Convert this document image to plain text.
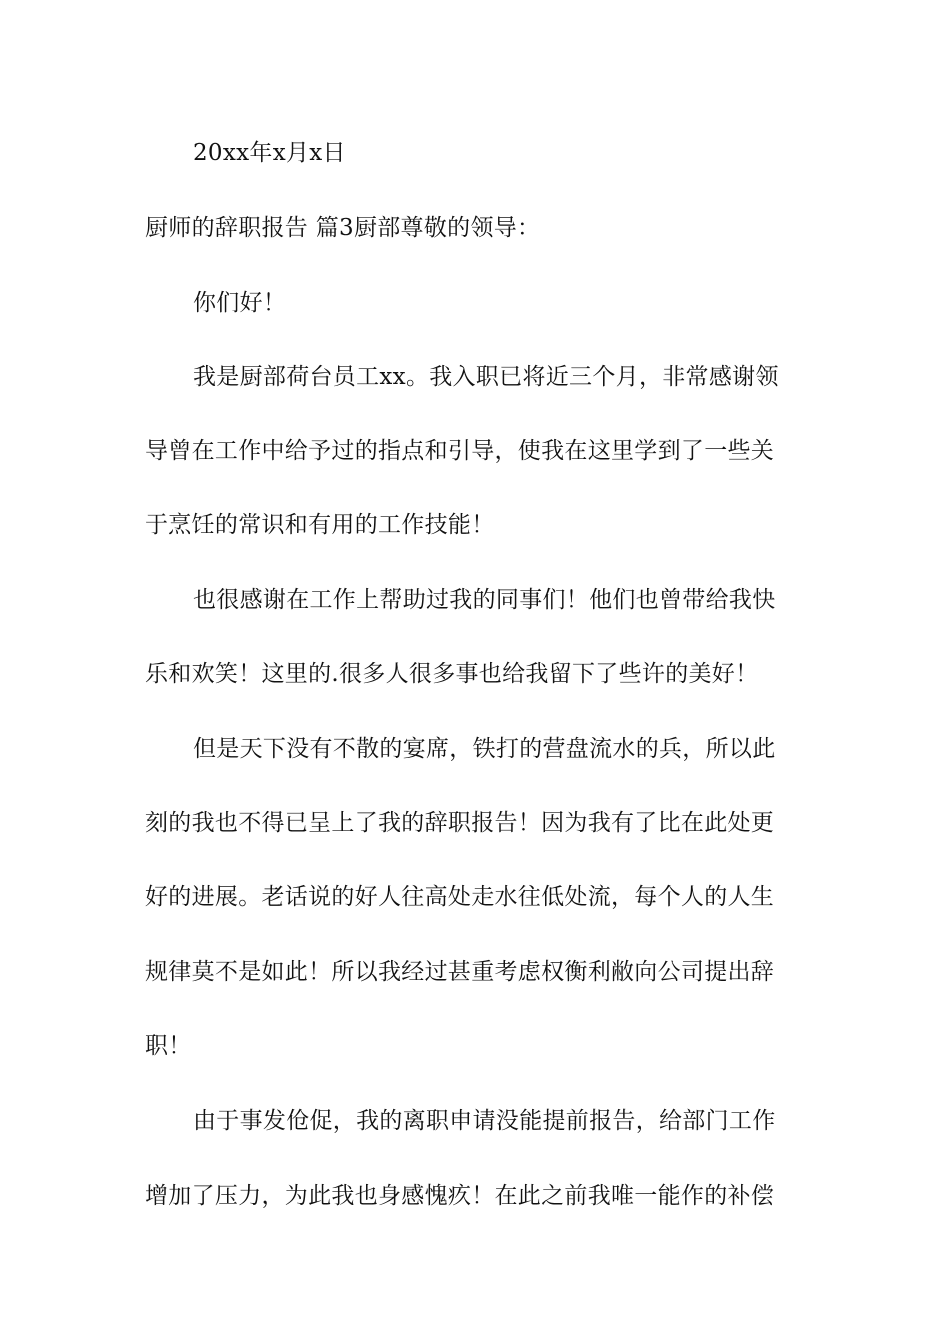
20xx年x月x日
厨师的辞职报告 篇3厨部尊敬的领导：
你们好！
我是厨部荷台员工xx。我入职已将近三个月，非常感谢领
导曾在工作中给予过的指点和引导，使我在这里学到了一些关
于烹饪的常识和有用的工作技能！
也很感谢在工作上帮助过我的同事们！他们也曾带给我快
乐和欢笑！这里的.很多人很多事也给我留下了些许的美好！
但是天下没有不散的宴席，铁打的营盘流水的兵，所以此
刻的我也不得已呈上了我的辞职报告！因为我有了比在此处更
好的进展。老话说的好人往高处走水往低处流，每个人的人生
规律莫不是如此！所以我经过甚重考虑权衡利敝向公司提出辞
职！
由于事发伧促，我的离职申请没能提前报告，给部门工作
增加了压力，为此我也身感愧疚！在此之前我唯一能作的补偿
